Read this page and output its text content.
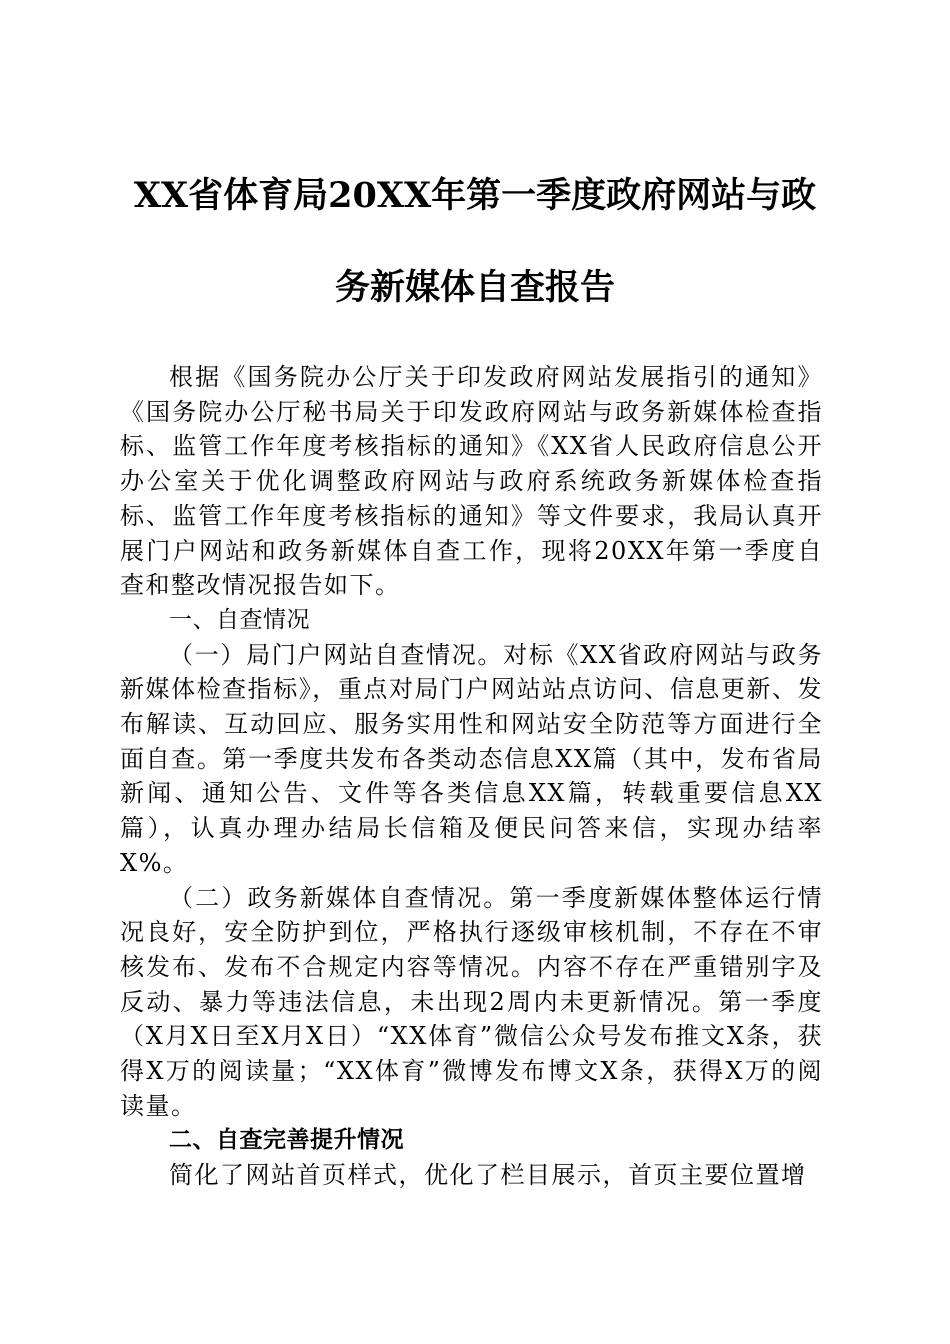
XX省体育局20XX年第一季度政府网站与政
务新媒体自查报告

根据《国务院办公厅关于印发政府网站发展指引的通知》《国务院办公厅秘书局关于印发政府网站与政务新媒体检查指标、监管工作年度考核指标的通知》《XX省人民政府信息公开办公室关于优化调整政府网站与政府系统政务新媒体检查指标、监管工作年度考核指标的通知》等文件要求，我局认真开展门户网站和政务新媒体自查工作，现将20XX年第一季度自查和整改情况报告如下。

一、自查情况

（一）局门户网站自查情况。对标《XX省政府网站与政务新媒体检查指标》，重点对局门户网站站点访问、信息更新、发布解读、互动回应、服务实用性和网站安全防范等方面进行全面自查。第一季度共发布各类动态信息XX篇（其中，发布省局新闻、通知公告、文件等各类信息XX篇，转载重要信息XX篇），认真办理办结局长信箱及便民问答来信，实现办结率X%。

（二）政务新媒体自查情况。第一季度新媒体整体运行情况良好，安全防护到位，严格执行逐级审核机制，不存在不审核发布、发布不合规定内容等情况。内容不存在严重错别字及反动、暴力等违法信息，未出现2周内未更新情况。第一季度（X月X日至X月X日）“XX体育”微信公众号发布推文X条，获得X万的阅读量；“XX体育”微博发布博文X条，获得X万的阅读量。

二、自查完善提升情况

简化了网站首页样式，优化了栏目展示，首页主要位置增
